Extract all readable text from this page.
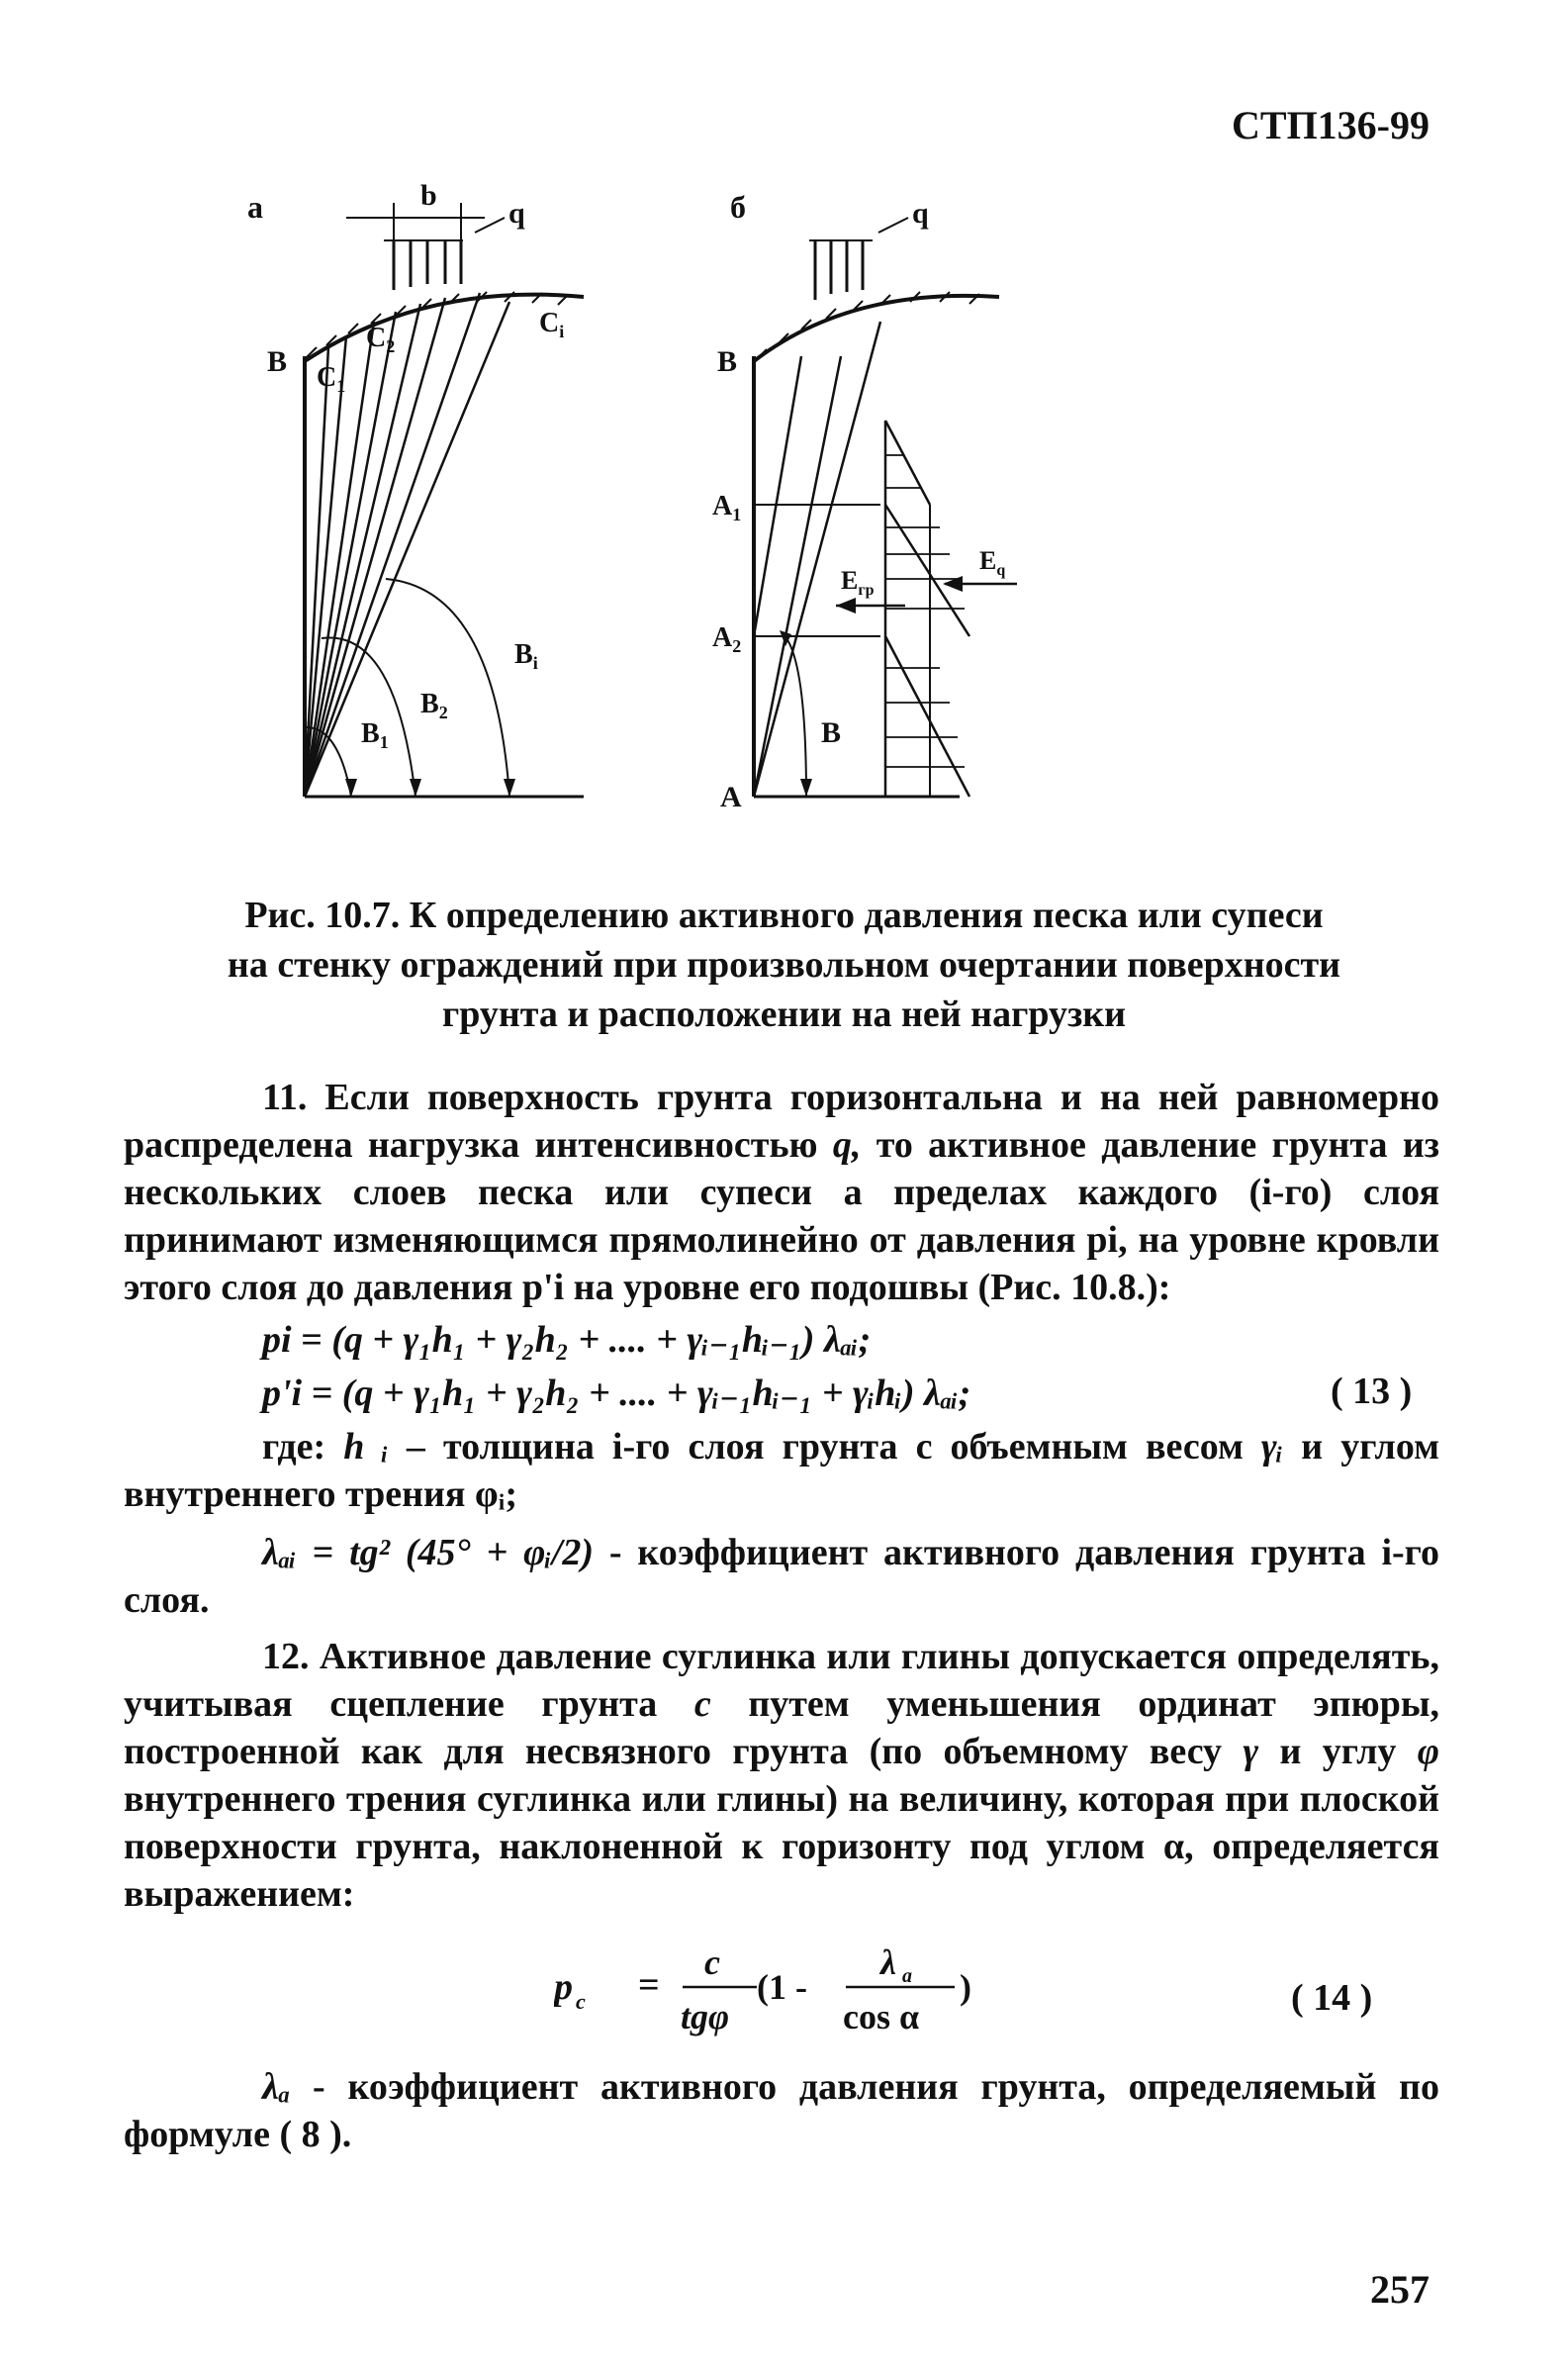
СТП136-99
а	b
q
B $C_1$
$C_2$
$C_i$
$B_1$
$B_2$
$B_i$
б	q
B
$A_1$
$A_2$
A
B
$E_{гр}$
$E_q$
Рис. 10.7. К определению активного давления песка или супеси
на стенку ограждений при произвольном очертании поверхности
грунта и расположении на ней нагрузки
11. Если поверхность грунта горизонтальна и на ней равномерно распределена нагрузка интенсивностью q, то активное давление грунта из нескольких слоев песка или супеси а пределах каждого (i-го) слоя принимают изменяющимся прямолинейно от давления pi, на уровне кровли этого слоя до давления p'i на уровне его подошвы (Рис. 10.8.):
pi = (q + γ₁h₁ + γ₂h₂ + .... + γᵢ₋₁hᵢ₋₁) λₐᵢ;
p'i = (q + γ₁h₁ + γ₂h₂ + .... + γᵢ₋₁hᵢ₋₁ + γᵢhᵢ) λₐᵢ;	( 13 )
где: h ᵢ – толщина i-го слоя грунта с объемным весом γᵢ и углом внутреннего трения φᵢ;
λₐᵢ = tg² (45° + φᵢ/2) - коэффициент активного давления грунта i-го слоя.
12. Активное давление суглинка или глины допускается определять, учитывая сцепление грунта c путем уменьшения ординат эпюры, построенной как для несвязного грунта (по объемному весу γ и углу φ внутреннего трения суглинка или глины) на величину, которая при плоской поверхности грунта, наклоненной к горизонту под углом α, определяется выражением:
p c =
c
tgφ
(1 -
λ a
cos α
)	( 14 )
λₐ - коэффициент активного давления грунта, определяемый по формуле ( 8 ).
257
